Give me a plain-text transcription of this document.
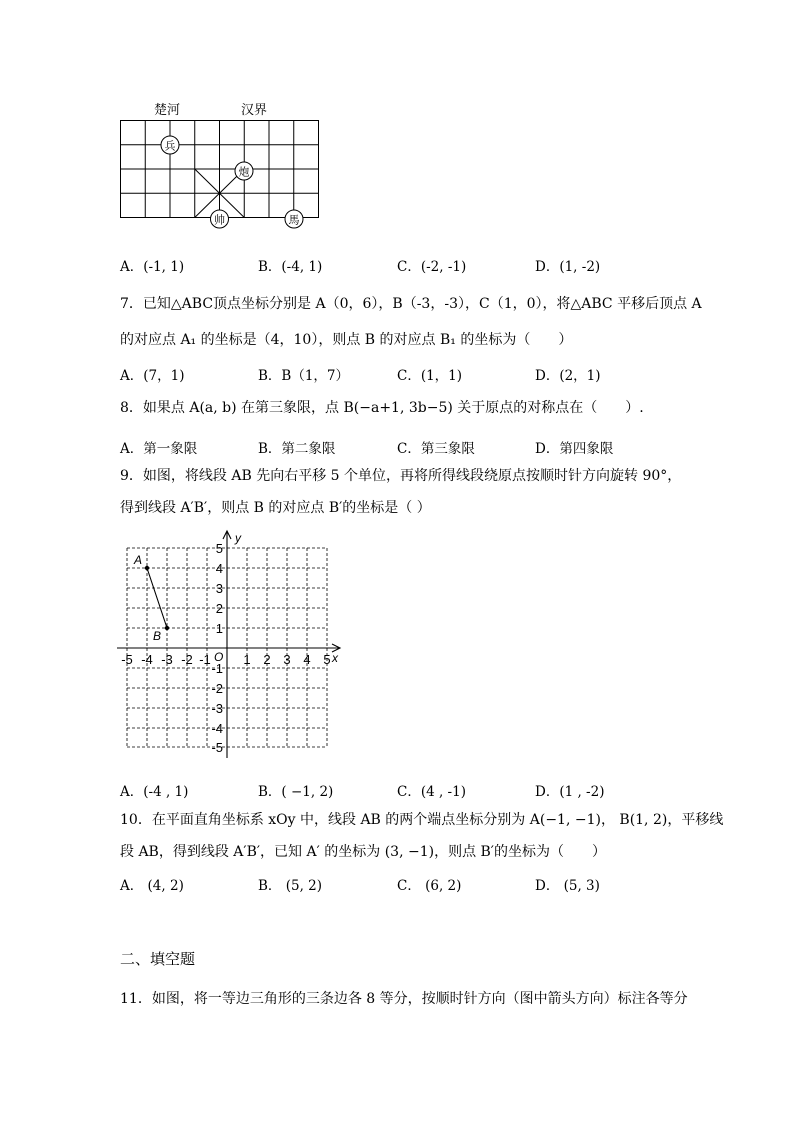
楚河	汉界
兵
炮
帅	馬
A．(-1, 1)	B．(-4, 1)	C．(-2, -1)	D．(1, -2)
7．已知△ABC顶点坐标分别是 A（0，6），B（-3，-3），C（1，0），将△ABC 平移后顶点 A
的对应点 A₁ 的坐标是（4，10），则点 B 的对应点 B₁ 的坐标为（　　）
A．(7，1)	B．B（1，7）	C．(1，1)	D．(2，1)
8．如果点 A(a, b) 在第三象限，点 B(−a+1, 3b−5) 关于原点的对称点在（　　）.
A．第一象限	B．第二象限	C．第三象限	D．第四象限
9．如图，将线段 AB 先向右平移 5 个单位，再将所得线段绕原点按顺时针方向旋转 90°，
得到线段 A′B′，则点 B 的对应点 B′的坐标是（ ）
y
x
O
-5 -4 -3 -2 -1	1 2 3 4 5
5
4
3
2
1
-1
-2
-3
-4
-5
A
B
A．(-4 , 1)	B．( −1, 2)	C．(4 , -1)	D．(1 , -2)
10．在平面直角坐标系 xOy 中，线段 AB 的两个端点坐标分别为 A(−1, −1)， B(1, 2)，平移线
段 AB，得到线段 A′B′，已知 A′ 的坐标为 (3, −1)，则点 B′的坐标为（　　）
A． (4, 2)	B． (5, 2)	C． (6, 2)	D． (5, 3)
二、填空题
11．如图，将一等边三角形的三条边各 8 等分，按顺时针方向（图中箭头方向）标注各等分
